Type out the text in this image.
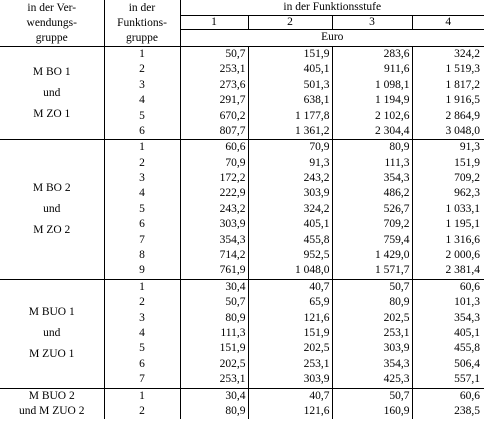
in der Ver-
wendungs-
gruppe	in der
Funktions-
gruppe	in der Funktionsstufe			
		1	2	3	4
		Euro			

M BO 1
und
M ZO 1	1	50,7	151,9	283,6	324,2
	2	253,1	405,1	911,6	1 519,3
	3	273,6	501,3	1 098,1	1 817,2
	4	291,7	638,1	1 194,9	1 916,5
	5	670,2	1 177,8	2 102,6	2 864,9
	6	807,7	1 361,2	2 304,4	3 048,0

M BO 2
und
M ZO 2	1	60,6	70,9	80,9	91,3
	2	70,9	91,3	111,3	151,9
	3	172,2	243,2	354,3	709,2
	4	222,9	303,9	486,2	962,3
	5	243,2	324,2	526,7	1 033,1
	6	303,9	405,1	709,2	1 195,1
	7	354,3	455,8	759,4	1 316,6
	8	714,2	952,5	1 429,0	2 000,6
	9	761,9	1 048,0	1 571,7	2 381,4

M BUO 1
und
M ZUO 1	1	30,4	40,7	50,7	60,6
	2	50,7	65,9	80,9	101,3
	3	80,9	121,6	202,5	354,3
	4	111,3	151,9	253,1	405,1
	5	151,9	202,5	303,9	455,8
	6	202,5	253,1	354,3	506,4
	7	253,1	303,9	425,3	557,1

M BUO 2
und M ZUO 2	1	30,4	40,7	50,7	60,6
	2	80,9	121,6	160,9	238,5
